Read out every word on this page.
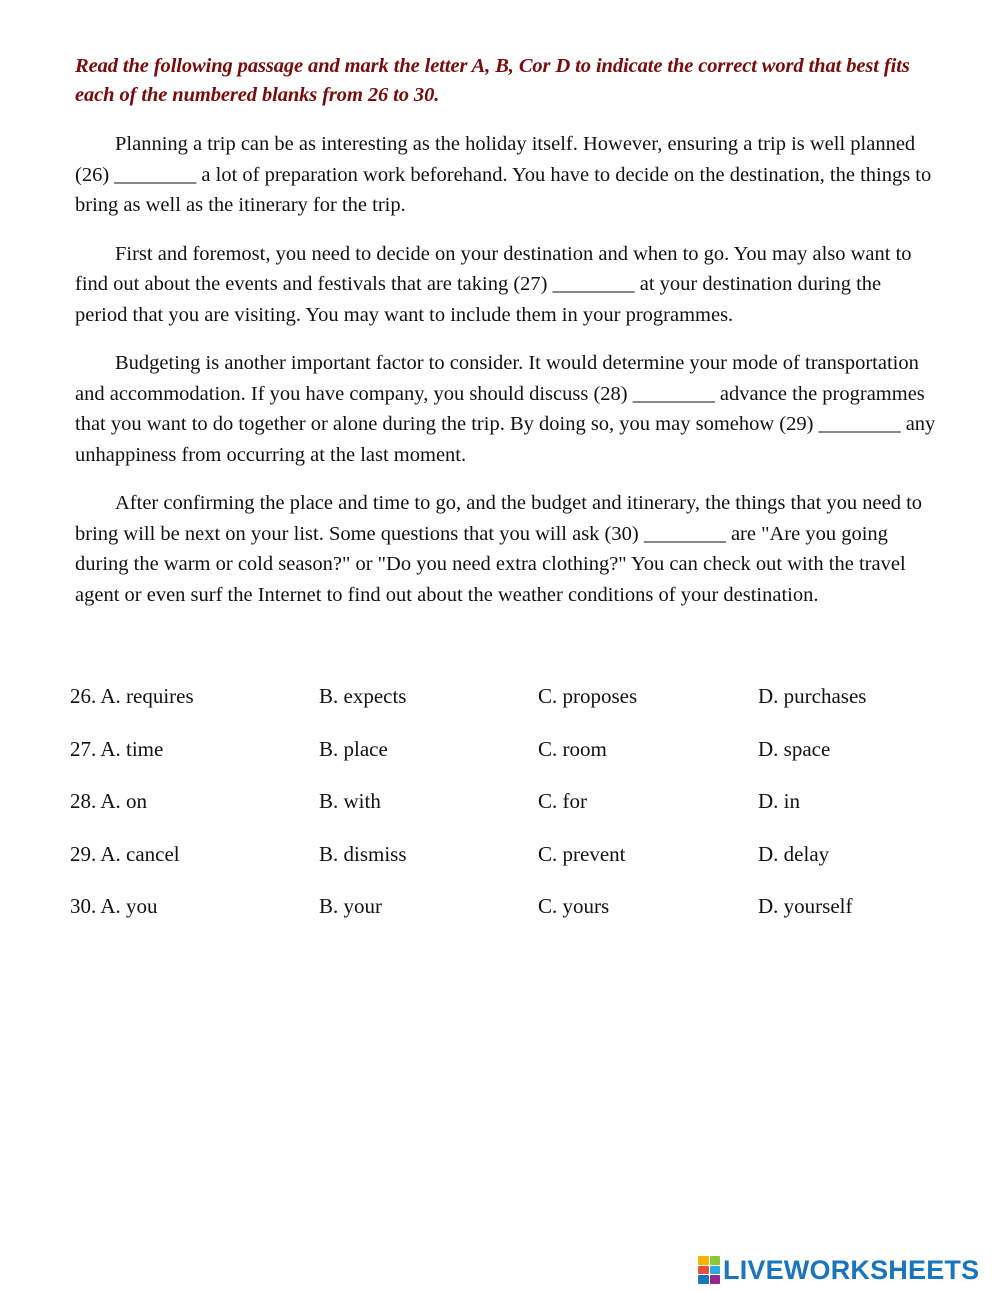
Read the following passage and mark the letter A, B, Cor D to indicate the correct word that best fits each of the numbered blanks from 26 to 30.

Planning a trip can be as interesting as the holiday itself. However, ensuring a trip is well planned (26) ________ a lot of preparation work beforehand. You have to decide on the destination, the things to bring as well as the itinerary for the trip.

First and foremost, you need to decide on your destination and when to go. You may also want to find out about the events and festivals that are taking (27) ________ at your destination during the period that you are visiting. You may want to include them in your programmes.

Budgeting is another important factor to consider. It would determine your mode of transportation and accommodation. If you have company, you should discuss (28) ________ advance the programmes that you want to do together or alone during the trip. By doing so, you may somehow (29) ________ any unhappiness from occurring at the last moment.

After confirming the place and time to go, and the budget and itinerary, the things that you need to bring will be next on your list. Some questions that you will ask (30) ________ are "Are you going during the warm or cold season?" or "Do you need extra clothing?" You can check out with the travel agent or even surf the Internet to find out about the weather conditions of your destination.

26. A. requires	B. expects	C. proposes	D. purchases
27. A. time	B. place	C. room	D. space
28. A. on	B. with	C. for	D. in
29. A. cancel	B. dismiss	C. prevent	D. delay
30. A. you	B. your	C. yours	D. yourself
LIVEWORKSHEETS
